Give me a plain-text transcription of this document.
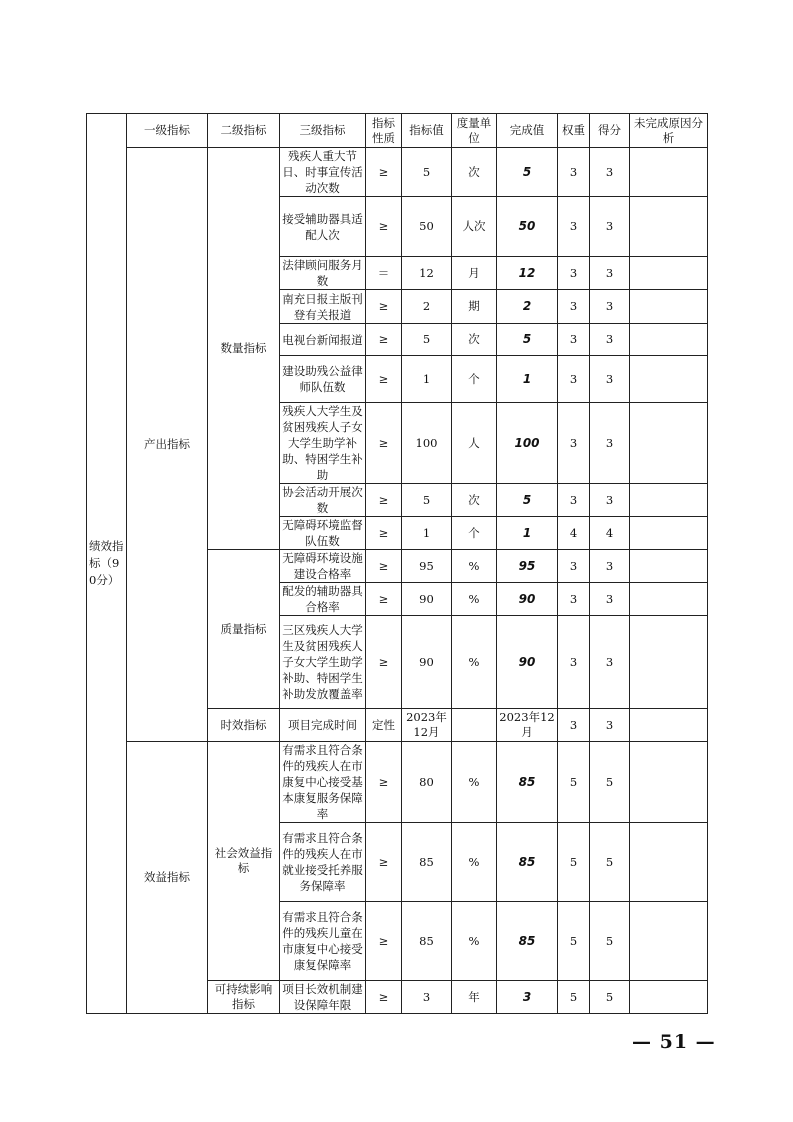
绩效指标（90分）	一级指标	二级指标	三级指标	指标性质	指标值	度量单位	完成值	权重	得分	未完成原因分析
	产出指标	数量指标	残疾人重大节日、时事宣传活动次数	≥	5	次	5	3	3	
			接受辅助器具适配人次	≥	50	人次	50	3	3	
			法律顾问服务月数	＝	12	月	12	3	3	
			南充日报主版刊登有关报道	≥	2	期	2	3	3	
			电视台新闻报道	≥	5	次	5	3	3	
			建设助残公益律师队伍数	≥	1	个	1	3	3	
			残疾人大学生及贫困残疾人子女大学生助学补助、特困学生补助	≥	100	人	100	3	3	
			协会活动开展次数	≥	5	次	5	3	3	
			无障碍环境监督队伍数	≥	1	个	1	4	4	
		质量指标	无障碍环境设施建设合格率	≥	95	%	95	3	3	
			配发的辅助器具合格率	≥	90	%	90	3	3	
			三区残疾人大学生及贫困残疾人子女大学生助学补助、特困学生补助发放覆盖率	≥	90	%	90	3	3	
		时效指标	项目完成时间	定性	2023年12月		2023年12月	3	3	
	效益指标	社会效益指标	有需求且符合条件的残疾人在市康复中心接受基本康复服务保障率	≥	80	%	85	5	5	
			有需求且符合条件的残疾人在市就业接受托养服务保障率	≥	85	%	85	5	5	
			有需求且符合条件的残疾儿童在市康复中心接受康复保障率	≥	85	%	85	5	5	
		可持续影响指标	项目长效机制建设保障年限	≥	3	年	3	5	5	
— 51 —
